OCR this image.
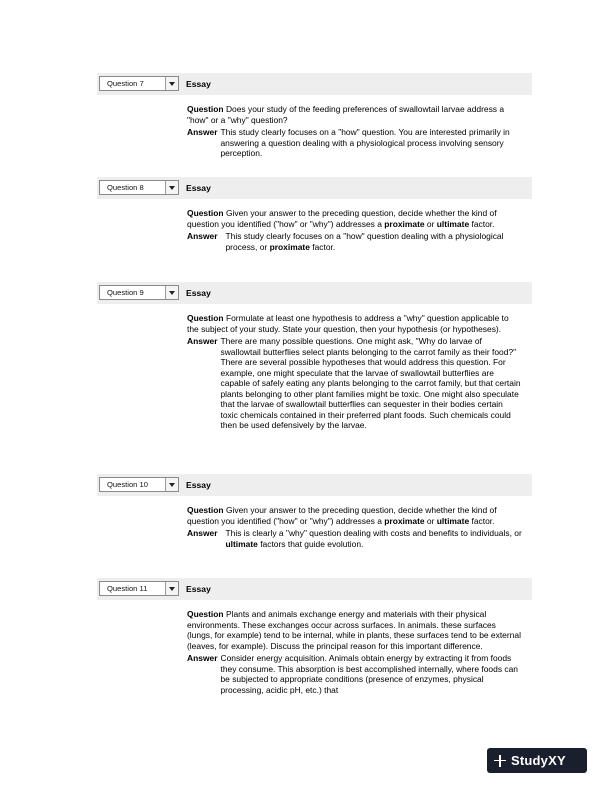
Question 7	Essay

Question Does your study of the feeding preferences of swallowtail larvae address a "how" or a "why" question?

Answer This study clearly focuses on a "how" question. You are interested primarily in answering a question dealing with a physiological process involving sensory perception.
Question 8	Essay

Question Given your answer to the preceding question, decide whether the kind of question you identified ("how" or "why") addresses a proximate or ultimate factor.

Answer This study clearly focuses on a "how" question dealing with a physiological process, or proximate factor.
Question 9	Essay

Question Formulate at least one hypothesis to address a "why" question applicable to the subject of your study. State your question, then your hypothesis (or hypotheses).

Answer There are many possible questions. One might ask, "Why do larvae of swallowtail butterflies select plants belonging to the carrot family as their food?" There are several possible hypotheses that would address this question. For example, one might speculate that the larvae of swallowtail butterflies are capable of safely eating any plants belonging to the carrot family, but that certain plants belonging to other plant families might be toxic. One might also speculate that the larvae of swallowtail butterflies can sequester in their bodies certain toxic chemicals contained in their preferred plant foods. Such chemicals could then be used defensively by the larvae.
Question 10	Essay

Question Given your answer to the preceding question, decide whether the kind of question you identified ("how" or "why") addresses a proximate or ultimate factor.

Answer This is clearly a "why" question dealing with costs and benefits to individuals, or ultimate factors that guide evolution.
Question 11	Essay

Question Plants and animals exchange energy and materials with their physical environments. These exchanges occur across surfaces. In animals. these surfaces (lungs, for example) tend to be internal, while in plants, these surfaces tend to be external (leaves, for example). Discuss the principal reason for this important difference.

Answer Consider energy acquisition. Animals obtain energy by extracting it from foods they consume. This absorption is best accomplished internally, where foods can be subjected to appropriate conditions (presence of enzymes, physical processing, acidic pH, etc.) that
StudyXY
